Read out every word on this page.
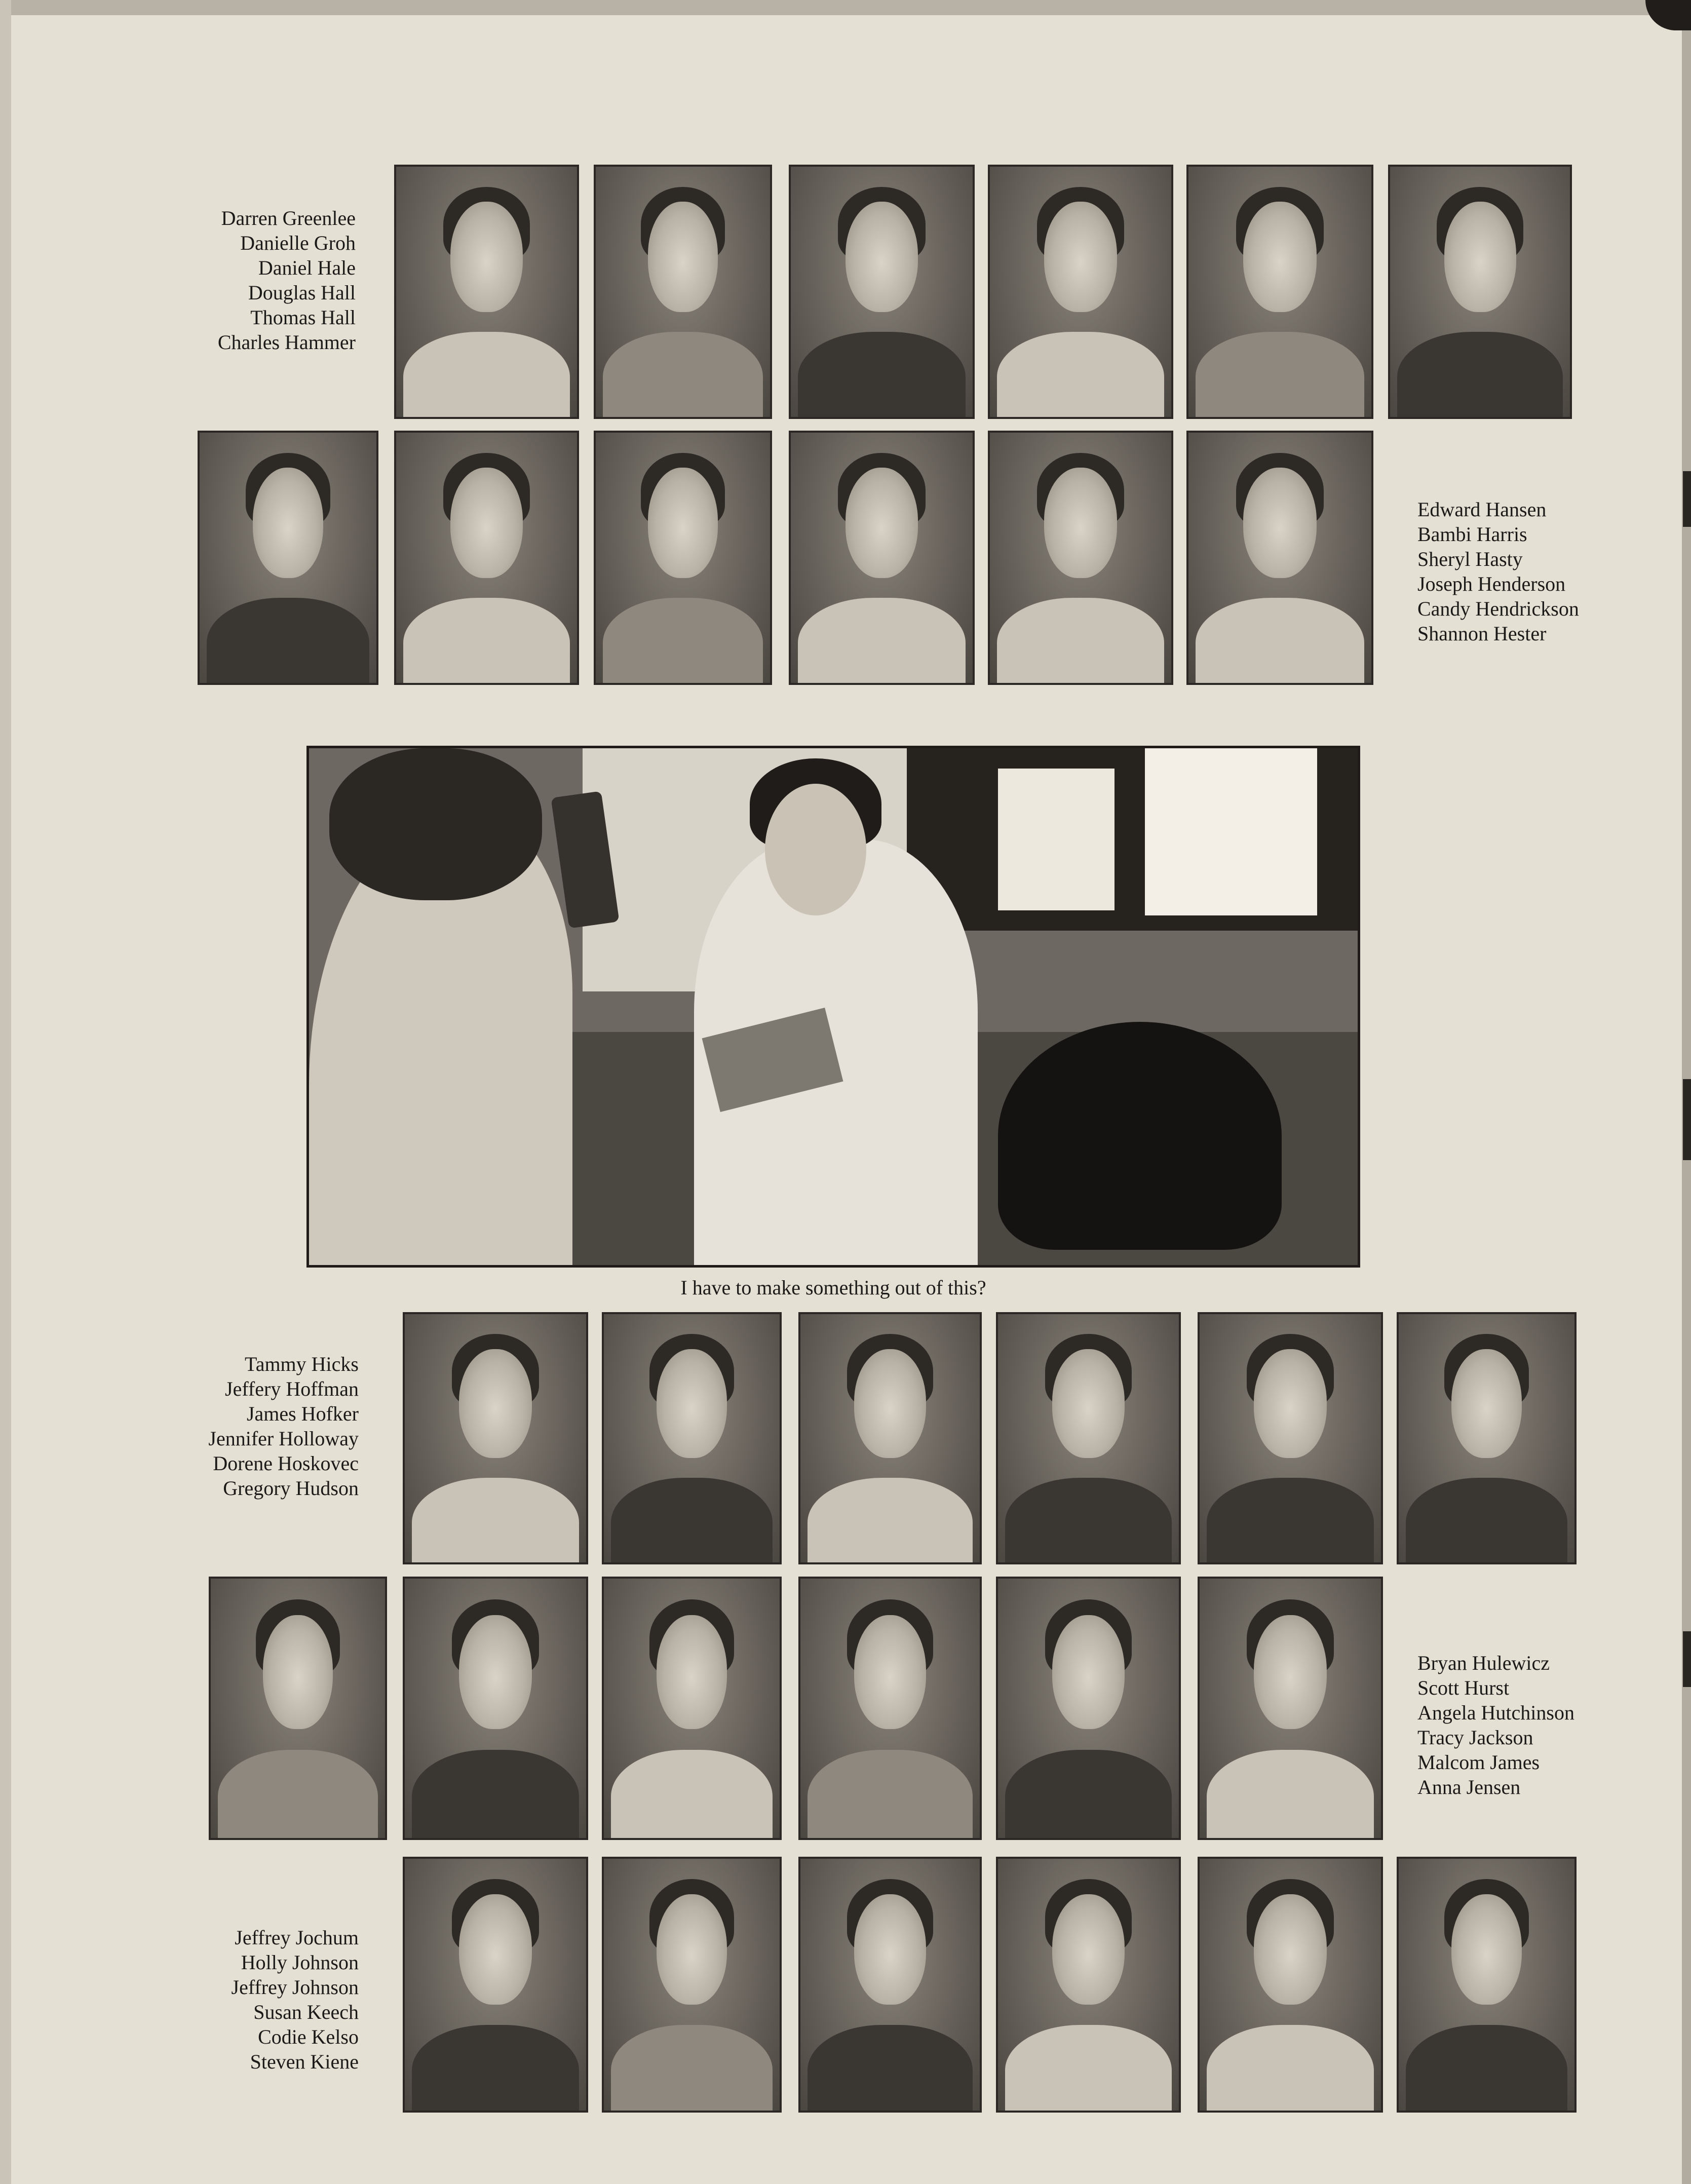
Darren Greenlee
Danielle Groh
Daniel Hale
Douglas Hall
Thomas Hall
Charles Hammer
Edward Hansen
Bambi Harris
Sheryl Hasty
Joseph Henderson
Candy Hendrickson
Shannon Hester
I have to make something out of this?
Tammy Hicks
Jeffery Hoffman
James Hofker
Jennifer Holloway
Dorene Hoskovec
Gregory Hudson
Bryan Hulewicz
Scott Hurst
Angela Hutchinson
Tracy Jackson
Malcom James
Anna Jensen
Jeffrey Jochum
Holly Johnson
Jeffrey Johnson
Susan Keech
Codie Kelso
Steven Kiene
